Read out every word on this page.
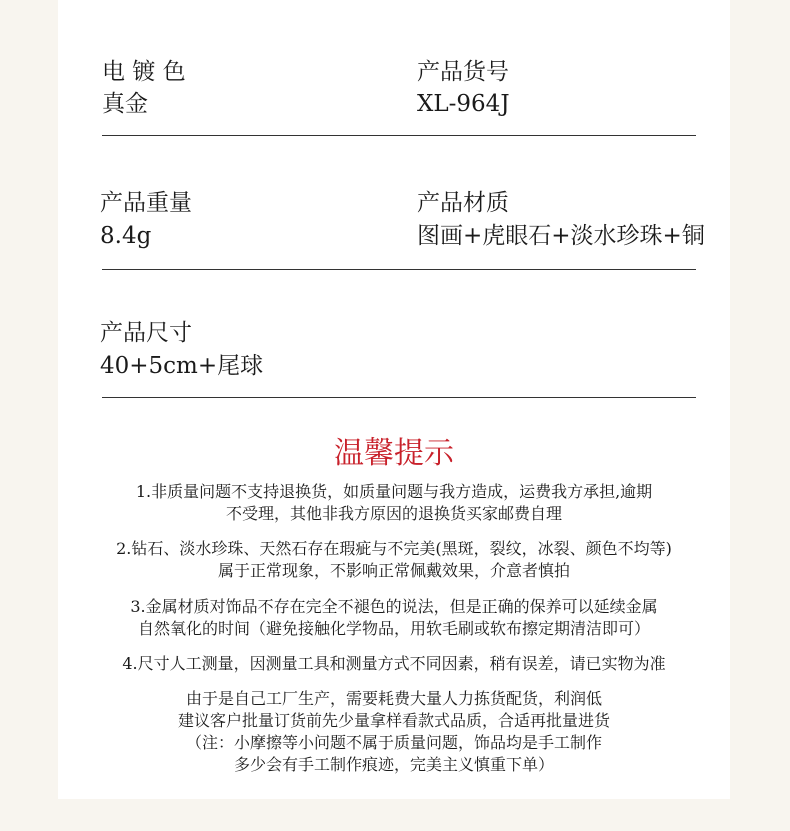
电 镀 色
真金
产品货号
XL-964J
产品重量
8.4g
产品材质
图画+虎眼石+淡水珍珠+铜
产品尺寸
40+5cm+尾球
温馨提示
1.非质量问题不支持退换货，如质量问题与我方造成，运费我方承担,逾期
不受理，其他非我方原因的退换货买家邮费自理
2.钻石、淡水珍珠、天然石存在瑕疵与不完美(黑斑，裂纹，冰裂、颜色不均等)
属于正常现象，不影响正常佩戴效果，介意者慎拍
3.金属材质对饰品不存在完全不褪色的说法，但是正确的保养可以延续金属
自然氧化的时间（避免接触化学物品，用软毛刷或软布擦定期清洁即可）
4.尺寸人工测量，因测量工具和测量方式不同因素，稍有误差，请已实物为准
由于是自己工厂生产，需要耗费大量人力拣货配货，利润低
建议客户批量订货前先少量拿样看款式品质，合适再批量进货
（注：小摩擦等小问题不属于质量问题，饰品均是手工制作
多少会有手工制作痕迹，完美主义慎重下单）
